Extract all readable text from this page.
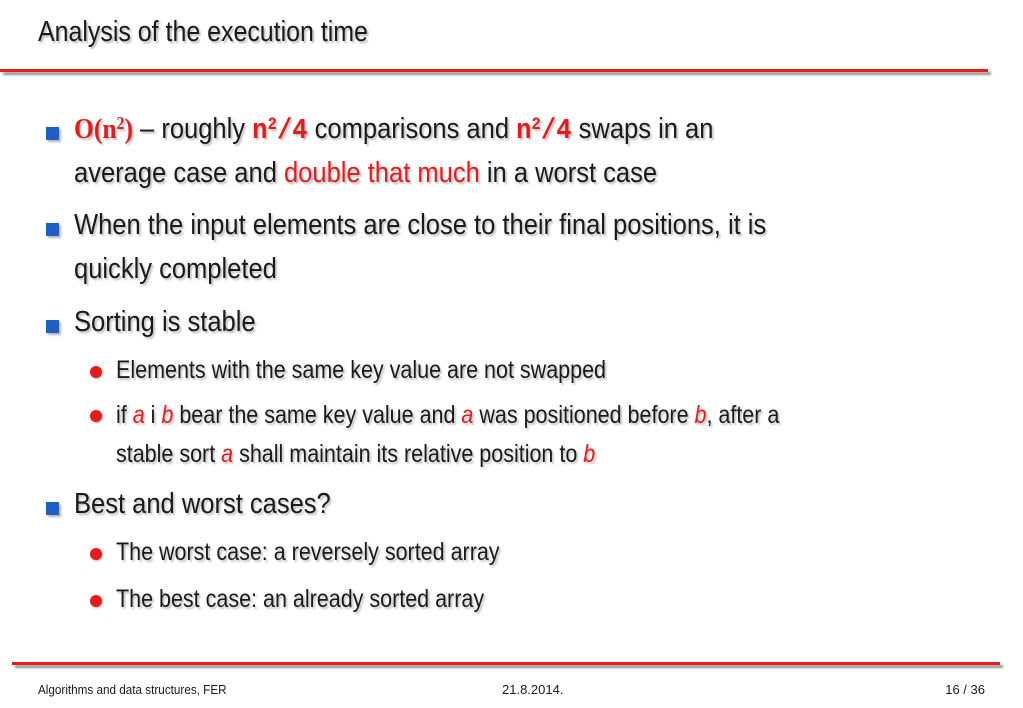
Analysis of the execution time
$O(n^2)$ – roughly $n^2/4$ comparisons and $n^2/4$ swaps in an
average case and double that much in a worst case
When the input elements are close to their final positions, it is
quickly completed
Sorting is stable
Elements with the same key value are not swapped
if a i b bear the same key value and a was positioned before b, after a
stable sort a shall maintain its relative position to b
Best and worst cases?
The worst case: a reversely sorted array
The best case: an already sorted array
Algorithms and data structures, FER	21.8.2014.	16 / 36
